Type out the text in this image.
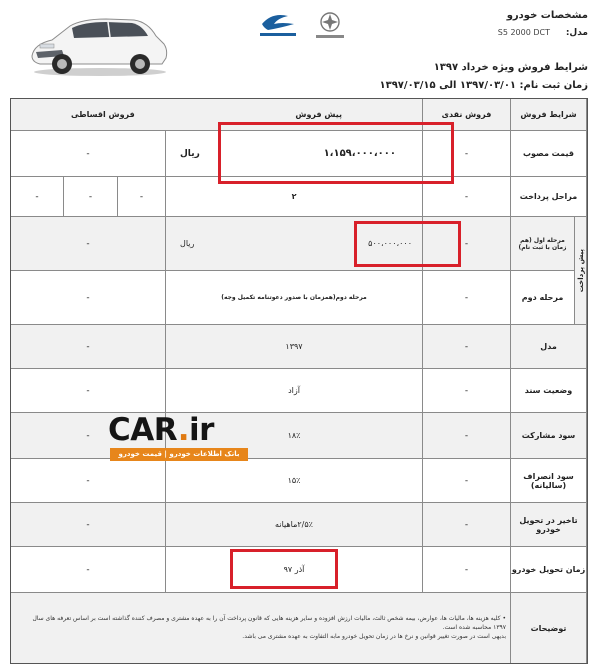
مشخصات خودرو
مدل:
S5 2000 DCT
شرایط فروش ویژه خرداد ۱۳۹۷
زمان ثبت نام: ۱۳۹۷/۰۳/۰۱ الی ۱۳۹۷/۰۳/۱۵
شرایط فروش
فروش نقدی
پیش فروش
فروش اقساطی
قیمت مصوب
-
ریال	۱،۱۵۹،۰۰۰،۰۰۰
-
مراحل پرداخت
-
۲
-
-
-
پیش پرداخت
مرحله اول (هم زمان با ثبت نام)
-
ریال	۵۰۰،۰۰۰،۰۰۰
-
مرحله دوم
-
مرحله دوم(همزمان با صدور دعوتنامه تکمیل وجه)
-
مدل
-
۱۳۹۷
-
وضعیت سند
-
آزاد
-
سود مشارکت
-
۱۸٪
-
سود انصراف (سالیانه)
-
۱۵٪
-
تاخیر در تحویل خودرو
-
۲/۵٪ماهیانه
-
زمان تحویل خودرو
-
آذر ۹۷
-
توضیحات
• کلیه هزینه ها، مالیات ها، عوارض، بیمه شخص ثالث، مالیات ارزش افزوده و سایر هزینه هایی که قانون پرداخت آن را به عهده مشتری و مصرف کننده گذاشته است بر اساس تعرفه های سال ۱۳۹۷ محاسبه شده است.
بدیهی است در صورت تغییر قوانین و نرخ ها در زمان تحویل خودرو مابه التفاوت به عهده مشتری می باشد.
CAR.ir
بانک اطلاعات خودرو | قیمت خودرو
